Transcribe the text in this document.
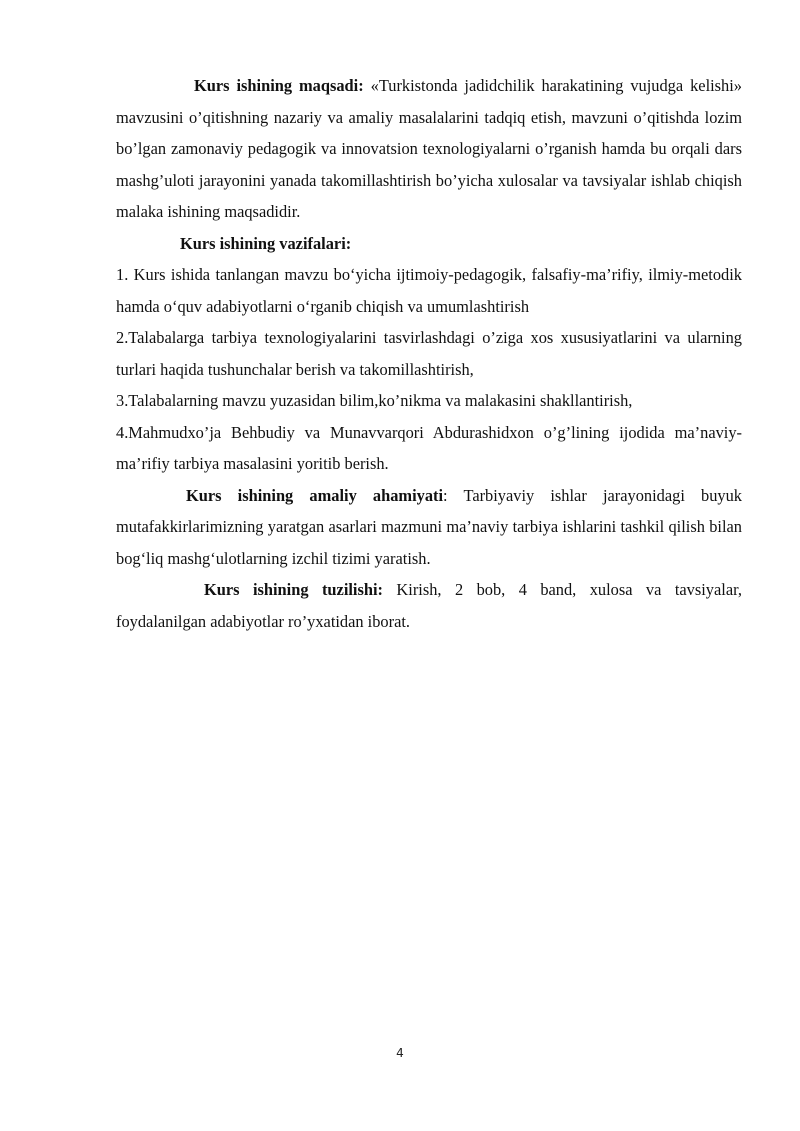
Kurs ishining maqsadi: «Turkistonda jadidchilik harakatining vujudga kelishi» mavzusini o’qitishning nazariy va amaliy masalalarini tadqiq etish, mavzuni o’qitishda lozim bo’lgan zamonaviy pedagogik va innovatsion texnologiyalarni o’rganish hamda bu orqali dars mashg’uloti jarayonini yanada takomillashtirish bo’yicha xulosalar va tavsiyalar ishlab chiqish malaka ishining maqsadidir.

Kurs ishining vazifalari:

1. Kurs ishida tanlangan mavzu bo‘yicha ijtimoiy-pedagogik, falsafiy-ma’rifiy, ilmiy-metodik hamda o‘quv adabiyotlarni o‘rganib chiqish va umumlashtirish

2.Talabalarga tarbiya texnologiyalarini tasvirlashdagi o’ziga xos xususiyatlarini va ularning turlari haqida tushunchalar berish va takomillashtirish,

3.Talabalarning mavzu yuzasidan bilim,ko’nikma va malakasini shakllantirish,

4.Mahmudxo’ja Behbudiy va Munavvarqori Abdurashidxon o’g’lining ijodida ma’naviy-ma’rifiy tarbiya masalasini yoritib berish.

Kurs ishining amaliy ahamiyati: Tarbiyaviy ishlar jarayonidagi buyuk mutafakkirlarimizning yaratgan asarlari mazmuni ma’naviy tarbiya ishlarini tashkil qilish bilan bog‘liq mashg‘ulotlarning izchil tizimi yaratish.

Kurs ishining tuzilishi: Kirish, 2 bob, 4 band, xulosa va tavsiyalar, foydalanilgan adabiyotlar ro’yxatidan iborat.

4
